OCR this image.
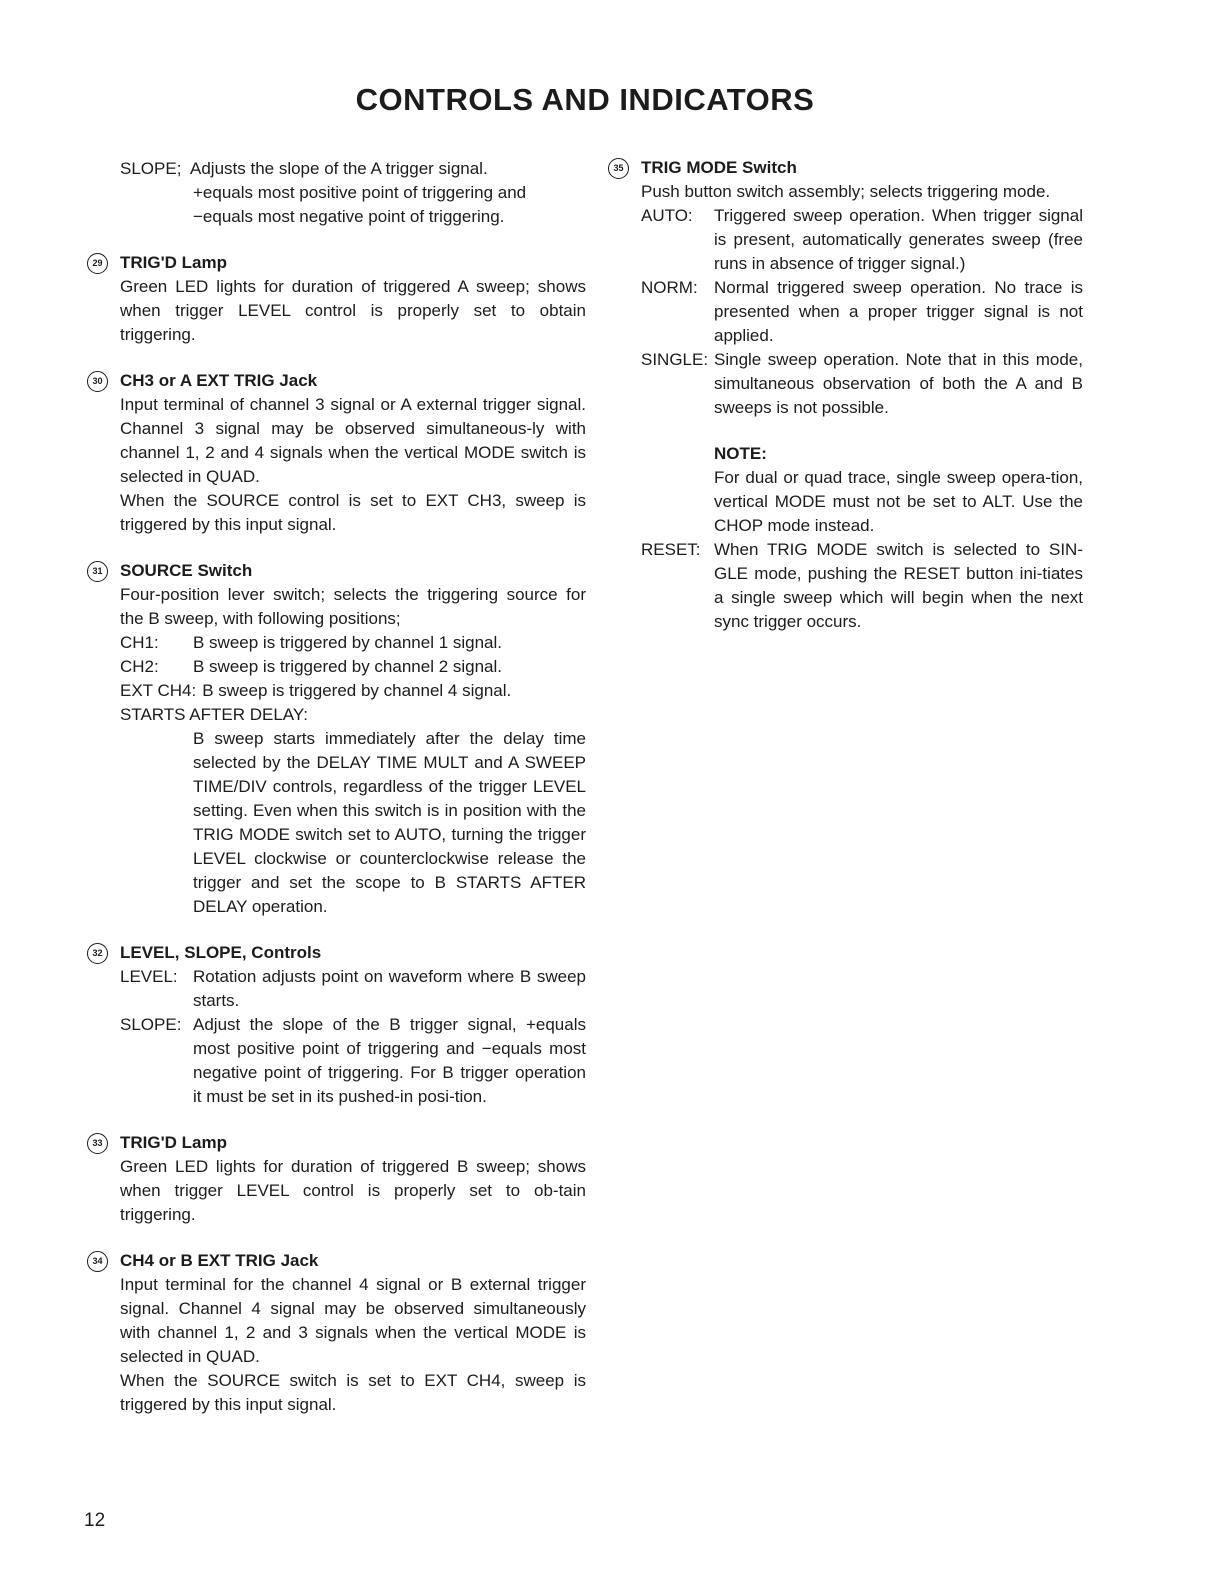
CONTROLS AND INDICATORS
SLOPE; Adjusts the slope of the A trigger signal.
+equals most positive point of triggering and
−equals most negative point of triggering.
29	TRIG'D Lamp
Green LED lights for duration of triggered A sweep; shows when trigger LEVEL control is properly set to obtain triggering.
30	CH3 or A EXT TRIG Jack
Input terminal of channel 3 signal or A external trigger signal. Channel 3 signal may be observed simultaneous-ly with channel 1, 2 and 4 signals when the vertical MODE switch is selected in QUAD.
When the SOURCE control is set to EXT CH3, sweep is triggered by this input signal.
31	SOURCE Switch
Four-position lever switch; selects the triggering source for the B sweep, with following positions;
CH1:	B sweep is triggered by channel 1 signal.
CH2:	B sweep is triggered by channel 2 signal.
EXT CH4: B sweep is triggered by channel 4 signal.
STARTS AFTER DELAY:
B sweep starts immediately after the delay time selected by the DELAY TIME MULT and A SWEEP TIME/DIV controls, regardless of the trigger LEVEL setting. Even when this switch is in position with the TRIG MODE switch set to AUTO, turning the trigger LEVEL clockwise or counterclockwise release the trigger and set the scope to B STARTS AFTER DELAY operation.
32	LEVEL, SLOPE, Controls
LEVEL: Rotation adjusts point on waveform where B sweep starts.
SLOPE: Adjust the slope of the B trigger signal, +equals most positive point of triggering and −equals most negative point of triggering. For B trigger operation it must be set in its pushed-in posi-tion.
33	TRIG'D Lamp
Green LED lights for duration of triggered B sweep; shows when trigger LEVEL control is properly set to ob-tain triggering.
34	CH4 or B EXT TRIG Jack
Input terminal for the channel 4 signal or B external trigger signal. Channel 4 signal may be observed simultaneously with channel 1, 2 and 3 signals when the vertical MODE is selected in QUAD.
When the SOURCE switch is set to EXT CH4, sweep is triggered by this input signal.
35	TRIG MODE Switch
Push button switch assembly; selects triggering mode.
AUTO:	Triggered sweep operation. When trigger signal is present, automatically generates sweep (free runs in absence of trigger signal.)
NORM: Normal triggered sweep operation. No trace is presented when a proper trigger signal is not applied.
SINGLE: Single sweep operation. Note that in this mode, simultaneous observation of both the A and B sweeps is not possible.
NOTE:
For dual or quad trace, single sweep opera-tion, vertical MODE must not be set to ALT. Use the CHOP mode instead.
RESET: When TRIG MODE switch is selected to SIN-GLE mode, pushing the RESET button ini-tiates a single sweep which will begin when the next sync trigger occurs.
12
